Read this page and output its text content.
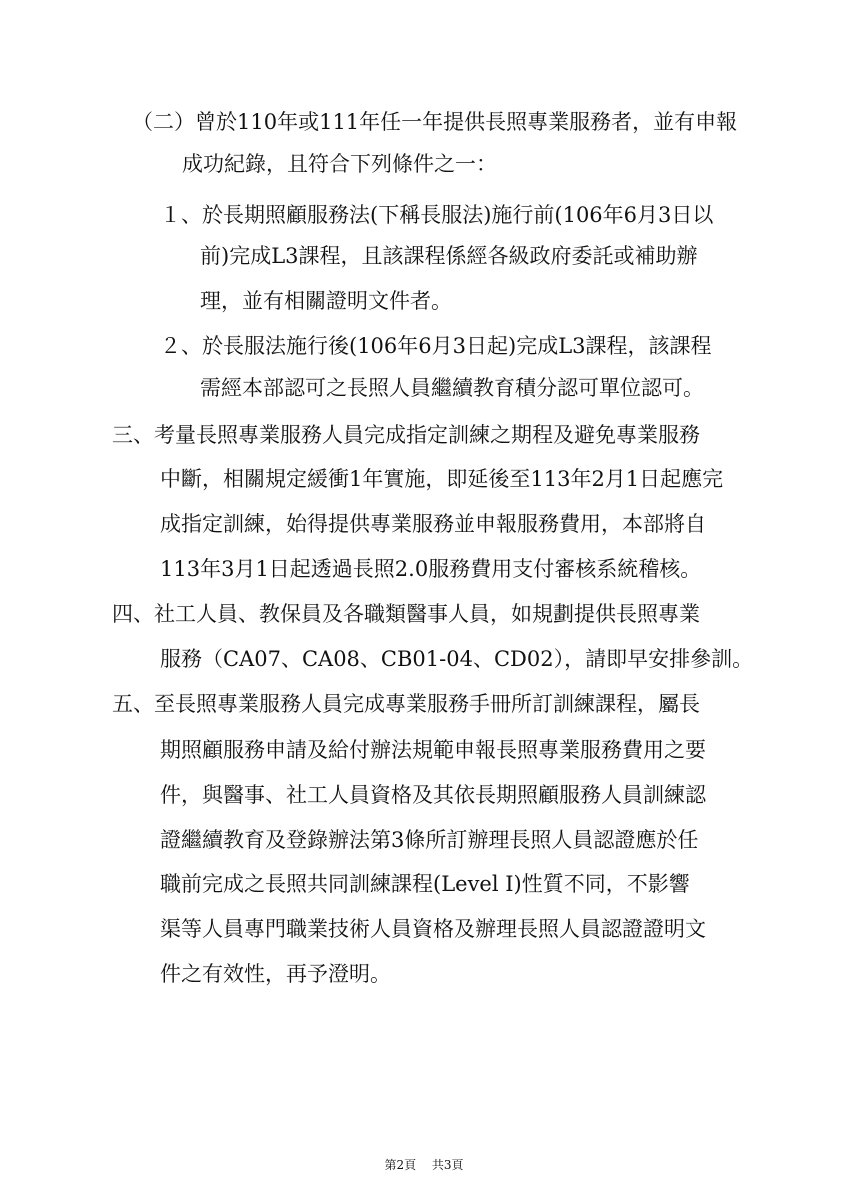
（二）曾於110年或111年任一年提供長照專業服務者，並有申報
成功紀錄，且符合下列條件之一：
１、於長期照顧服務法(下稱長服法)施行前(106年6月3日以
前)完成L3課程，且該課程係經各級政府委託或補助辦
理，並有相關證明文件者。
２、於長服法施行後(106年6月3日起)完成L3課程，該課程
需經本部認可之長照人員繼續教育積分認可單位認可。
三、考量長照專業服務人員完成指定訓練之期程及避免專業服務
中斷，相關規定緩衝1年實施，即延後至113年2月1日起應完
成指定訓練，始得提供專業服務並申報服務費用，本部將自
113年3月1日起透過長照2.0服務費用支付審核系統稽核。
四、社工人員、教保員及各職類醫事人員，如規劃提供長照專業
服務（CA07、CA08、CB01-04、CD02），請即早安排參訓。
五、至長照專業服務人員完成專業服務手冊所訂訓練課程，屬長
期照顧服務申請及給付辦法規範申報長照專業服務費用之要
件，與醫事、社工人員資格及其依長期照顧服務人員訓練認
證繼續教育及登錄辦法第3條所訂辦理長照人員認證應於任
職前完成之長照共同訓練課程(Level I)性質不同，不影響
渠等人員專門職業技術人員資格及辦理長照人員認證證明文
件之有效性，再予澄明。
第2頁 共3頁
